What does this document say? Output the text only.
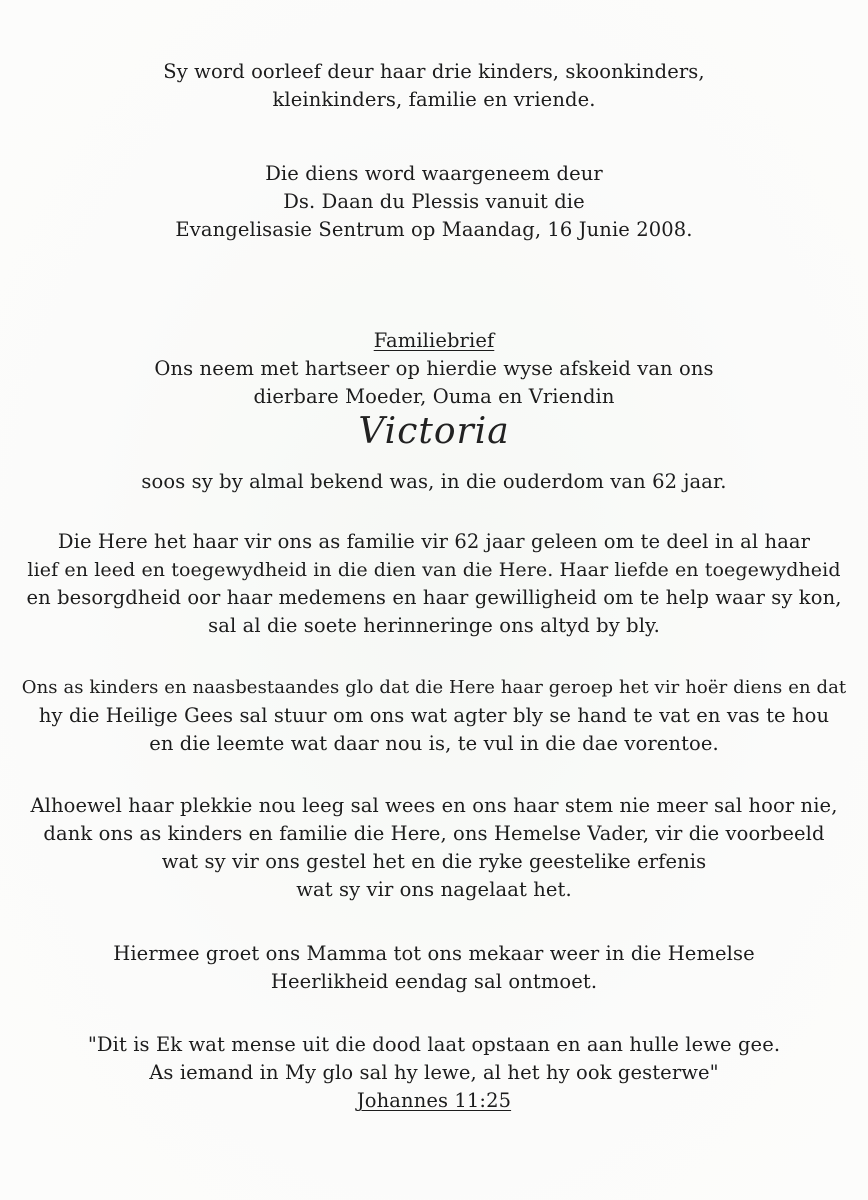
Sy word oorleef deur haar drie kinders, skoonkinders,
kleinkinders, familie en vriende.
Die diens word waargeneem deur
Ds. Daan du Plessis vanuit die
Evangelisasie Sentrum op Maandag, 16 Junie 2008.
Familiebrief
Ons neem met hartseer op hierdie wyse afskeid van ons
dierbare Moeder, Ouma en Vriendin
Victoria
soos sy by almal bekend was, in die ouderdom van 62 jaar.
Die Here het haar vir ons as familie vir 62 jaar geleen om te deel in al haar
lief en leed en toegewydheid in die dien van die Here. Haar liefde en toegewydheid
en besorgdheid oor haar medemens en haar gewilligheid om te help waar sy kon,
sal al die soete herinneringe ons altyd by bly.
Ons as kinders en naasbestaandes glo dat die Here haar geroep het vir hoër diens en dat
hy die Heilige Gees sal stuur om ons wat agter bly se hand te vat en vas te hou
en die leemte wat daar nou is, te vul in die dae vorentoe.
Alhoewel haar plekkie nou leeg sal wees en ons haar stem nie meer sal hoor nie,
dank ons as kinders en familie die Here, ons Hemelse Vader, vir die voorbeeld
wat sy vir ons gestel het en die ryke geestelike erfenis
wat sy vir ons nagelaat het.
Hiermee groet ons Mamma tot ons mekaar weer in die Hemelse
Heerlikheid eendag sal ontmoet.
"Dit is Ek wat mense uit die dood laat opstaan en aan hulle lewe gee.
As iemand in My glo sal hy lewe, al het hy ook gesterwe"
Johannes 11:25
